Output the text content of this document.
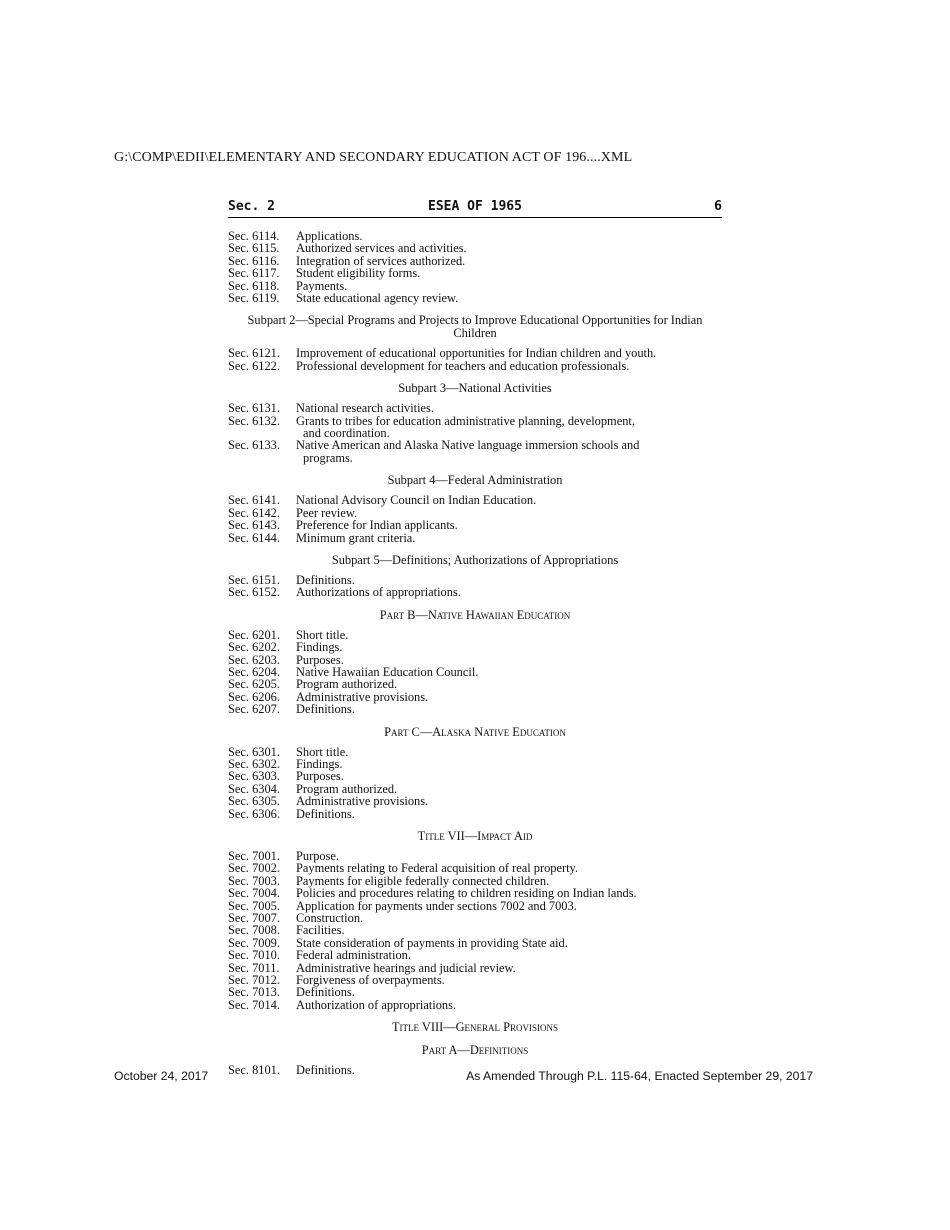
G:\COMP\EDII\ELEMENTARY AND SECONDARY EDUCATION ACT OF 196....XML
Sec. 2	ESEA OF 1965	6
Sec. 6114.	Applications.
Sec. 6115.	Authorized services and activities.
Sec. 6116.	Integration of services authorized.
Sec. 6117.	Student eligibility forms.
Sec. 6118.	Payments.
Sec. 6119.	State educational agency review.
Subpart 2—Special Programs and Projects to Improve Educational Opportunities for Indian Children
Sec. 6121.	Improvement of educational opportunities for Indian children and youth.
Sec. 6122.	Professional development for teachers and education professionals.
Subpart 3—National Activities
Sec. 6131.	National research activities.
Sec. 6132.	Grants to tribes for education administrative planning, development,
and coordination.
Sec. 6133.	Native American and Alaska Native language immersion schools and
programs.
Subpart 4—Federal Administration
Sec. 6141.	National Advisory Council on Indian Education.
Sec. 6142.	Peer review.
Sec. 6143.	Preference for Indian applicants.
Sec. 6144.	Minimum grant criteria.
Subpart 5—Definitions; Authorizations of Appropriations
Sec. 6151.	Definitions.
Sec. 6152.	Authorizations of appropriations.
Part B—Native Hawaiian Education
Sec. 6201.	Short title.
Sec. 6202.	Findings.
Sec. 6203.	Purposes.
Sec. 6204.	Native Hawaiian Education Council.
Sec. 6205.	Program authorized.
Sec. 6206.	Administrative provisions.
Sec. 6207.	Definitions.
Part C—Alaska Native Education
Sec. 6301.	Short title.
Sec. 6302.	Findings.
Sec. 6303.	Purposes.
Sec. 6304.	Program authorized.
Sec. 6305.	Administrative provisions.
Sec. 6306.	Definitions.
Title VII—Impact Aid
Sec. 7001.	Purpose.
Sec. 7002.	Payments relating to Federal acquisition of real property.
Sec. 7003.	Payments for eligible federally connected children.
Sec. 7004.	Policies and procedures relating to children residing on Indian lands.
Sec. 7005.	Application for payments under sections 7002 and 7003.
Sec. 7007.	Construction.
Sec. 7008.	Facilities.
Sec. 7009.	State consideration of payments in providing State aid.
Sec. 7010.	Federal administration.
Sec. 7011.	Administrative hearings and judicial review.
Sec. 7012.	Forgiveness of overpayments.
Sec. 7013.	Definitions.
Sec. 7014.	Authorization of appropriations.
Title VIII—General Provisions
Part A—Definitions
Sec. 8101.	Definitions.
October 24, 2017	As Amended Through P.L. 115-64, Enacted September 29, 2017
